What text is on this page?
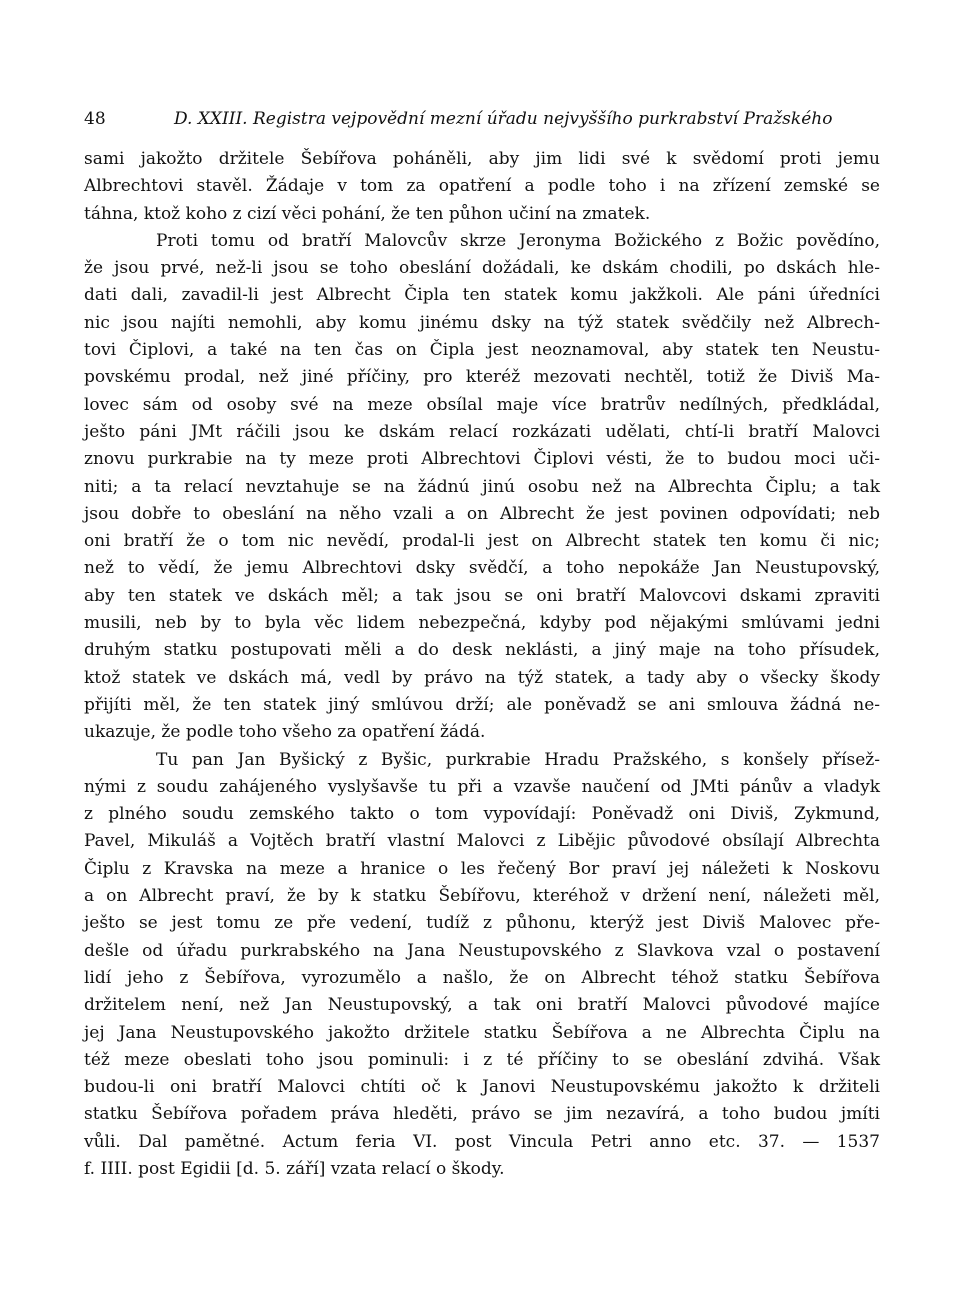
48	D. XXIII. Registra vejpovědní mezní úřadu nejvyššího purkrabství Pražského
sami jakožto držitele Šebířova poháněli, aby jim lidi své k svědomí proti jemu
Albrechtovi stavěl. Žádaje v tom za opatření a podle toho i na zřízení zemské se
táhna, ktož koho z cizí věci pohání, že ten půhon učiní na zmatek.
Proti tomu od bratří Malovcův skrze Jeronyma Božického z Božic povědíno,
že jsou prvé, než-li jsou se toho obeslání dožádali, ke dskám chodili, po dskách hle-
dati dali, zavadil-li jest Albrecht Čipla ten statek komu jakžkoli. Ale páni úředníci
nic jsou najíti nemohli, aby komu jinému dsky na týž statek svědčily než Albrech-
tovi Čiplovi, a také na ten čas on Čipla jest neoznamoval, aby statek ten Neustu-
povskému prodal, než jiné příčiny, pro kteréž mezovati nechtěl, totiž že Diviš Ma-
lovec sám od osoby své na meze obsílal maje více bratrův nedílných, předkládal,
ješto páni JMt ráčili jsou ke dskám relací rozkázati udělati, chtí-li bratří Malovci
znovu purkrabie na ty meze proti Albrechtovi Čiplovi vésti, že to budou moci uči-
niti; a ta relací nevztahuje se na žádnú jinú osobu než na Albrechta Čiplu; a tak
jsou dobře to obeslání na něho vzali a on Albrecht že jest povinen odpovídati; neb
oni bratří že o tom nic nevědí, prodal-li jest on Albrecht statek ten komu či nic;
než to vědí, že jemu Albrechtovi dsky svědčí, a toho nepokáže Jan Neustupovský,
aby ten statek ve dskách měl; a tak jsou se oni bratří Malovcovi dskami zpraviti
musili, neb by to byla věc lidem nebezpečná, kdyby pod nějakými smlúvami jedni
druhým statku postupovati měli a do desk neklásti, a jiný maje na toho přísudek,
ktož statek ve dskách má, vedl by právo na týž statek, a tady aby o všecky škody
přijíti měl, že ten statek jiný smlúvou drží; ale poněvadž se ani smlouva žádná ne-
ukazuje, že podle toho všeho za opatření žádá.
Tu pan Jan Byšický z Byšic, purkrabie Hradu Pražského, s konšely přísež-
nými z soudu zahájeného vyslyšavše tu při a vzavše naučení od JMti pánův a vladyk
z plného soudu zemského takto o tom vypovídají: Poněvadž oni Diviš, Zykmund,
Pavel, Mikuláš a Vojtěch bratří vlastní Malovci z Libějic původové obsílají Albrechta
Čiplu z Kravska na meze a hranice o les řečený Bor praví jej náležeti k Noskovu
a on Albrecht praví, že by k statku Šebířovu, kteréhož v držení není, náležeti měl,
ješto se jest tomu ze pře vedení, tudíž z půhonu, kterýž jest Diviš Malovec pře-
dešle od úřadu purkrabského na Jana Neustupovského z Slavkova vzal o postavení
lidí jeho z Šebířova, vyrozumělo a našlo, že on Albrecht téhož statku Šebířova
držitelem není, než Jan Neustupovský, a tak oni bratří Malovci původové majíce
jej Jana Neustupovského jakožto držitele statku Šebířova a ne Albrechta Čiplu na
též meze obeslati toho jsou pominuli: i z té příčiny to se obeslání zdvihá. Však
budou-li oni bratří Malovci chtíti oč k Janovi Neustupovskému jakožto k držiteli
statku Šebířova pořadem práva hleděti, právo se jim nezavírá, a toho budou jmíti
vůli. Dal pamětné. Actum feria VI. post Vincula Petri anno etc. 37. — 1537
f. IIII. post Egidii [d. 5. září] vzata relací o škody.
